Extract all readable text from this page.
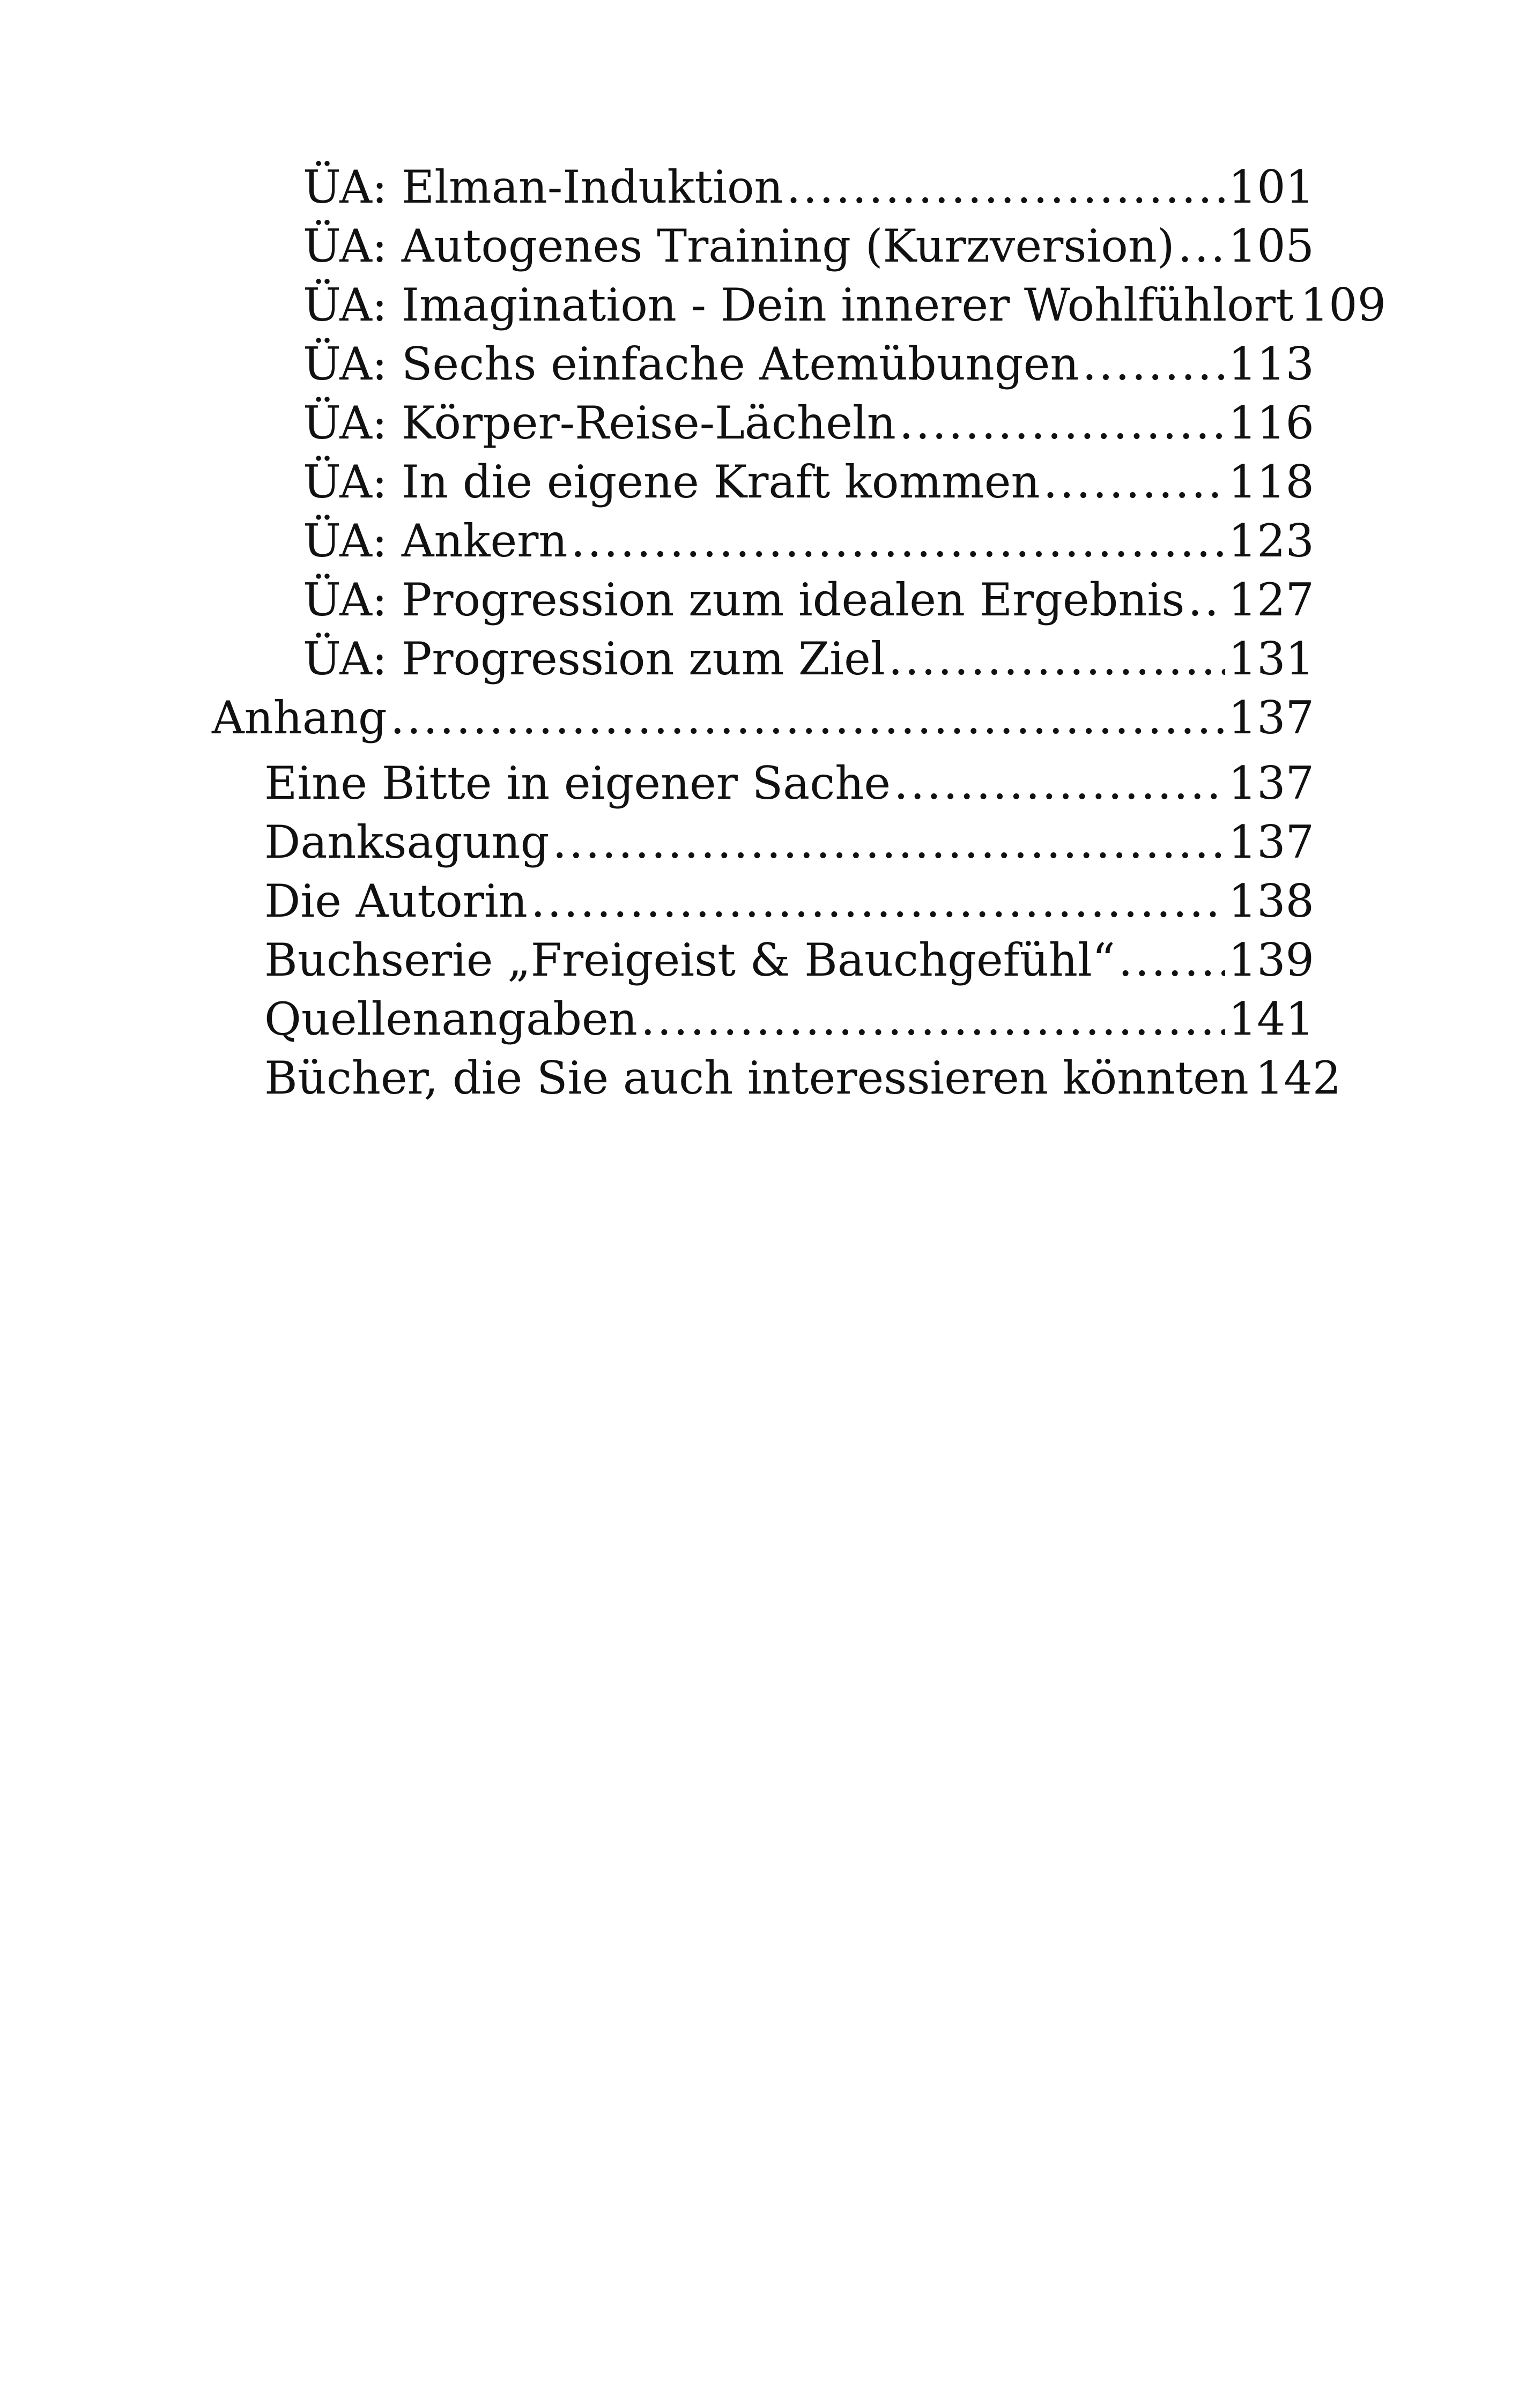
ÜA: Elman-Induktion .....	101
ÜA: Autogenes Training (Kurzversion) ..... 105
ÜA: Imagination - Dein innerer Wohlfühlort 109
ÜA: Sechs einfache Atemübungen .....	113
ÜA: Körper-Reise-Lächeln .....	116
ÜA: In die eigene Kraft kommen .....	118
ÜA: Ankern .....	123
ÜA: Progression zum idealen Ergebnis ..... 127
ÜA: Progression zum Ziel .....	131
Anhang .....	137
Eine Bitte in eigener Sache .....	137
Danksagung .....	137
Die Autorin .....	138
Buchserie „Freigeist & Bauchgefühl“ .....	139
Quellenangaben .....	141
Bücher, die Sie auch interessieren könnten 142
